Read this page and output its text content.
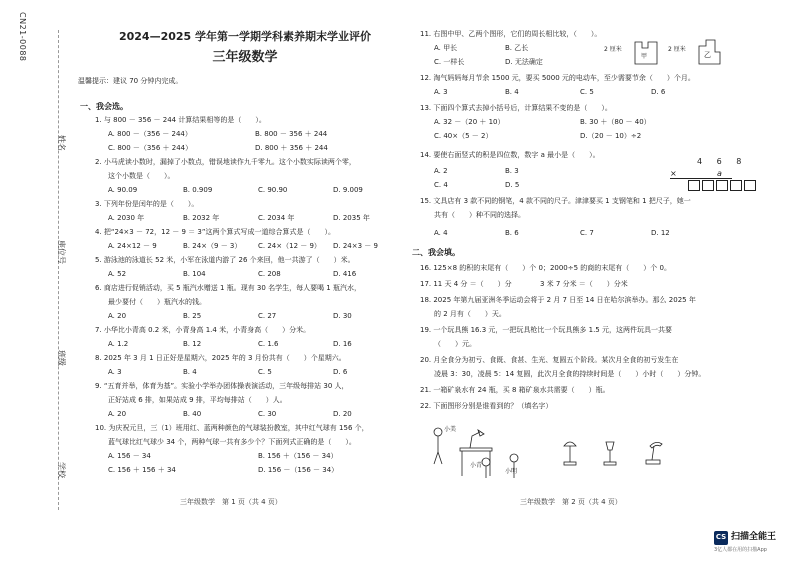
CN21-0088
姓名
座位号
班级
学校
2024—2025 学年第一学期学科素养期末学业评价
三年级数学
温馨提示：建议 70 分钟内完成。
一、我会选。
1. 与 800 － 356 － 244 计算结果相等的是（　　）。
A. 800 －（356 － 244）	B. 800 － 356 ＋ 244
C. 800 －（356 ＋ 244）	D. 800 ＋ 356 ＋ 244
2. 小马虎读小数时，漏掉了小数点，错误地读作九千零九。这个小数实际读两个零，
这个小数是（　　）。
A. 90.09	B. 0.909	C. 90.90	D. 9.009
3. 下列年份是闰年的是（　　）。
A. 2030 年	B. 2032 年	C. 2034 年	D. 2035 年
4. 把“24×3 － 72，12 － 9 ＝ 3”这两个算式写成一道综合算式是（　　）。
A. 24×12 － 9	B. 24×（9 － 3） C. 24×（12 － 9） D. 24×3 － 9
5. 游泳池的泳道长 52 米，小军在泳道内游了 26 个来回，他一共游了（　　）米。
A. 52	B. 104	C. 208	D. 416
6. 商店进行促销活动，买 5 瓶汽水赠送 1 瓶。现有 30 名学生，每人要喝 1 瓶汽水，
最少要付（　　）瓶汽水的钱。
A. 20	B. 25	C. 27	D. 30
7. 小华比小青高 0.2 米，小青身高 1.4 米，小青身高（　　）分米。
A. 1.2	B. 12	C. 1.6	D. 16
8. 2025 年 3 月 1 日正好是星期六，2025 年的 3 月份共有（　　）个星期六。
A. 3	B. 4	C. 5	D. 6
9. “五育并举，体育为基”。实验小学举办团体操表演活动，三年级每排站 30 人，
正好站成 6 排，如果站成 9 排，平均每排站（　　）人。
A. 20	B. 40	C. 30	D. 20
10. 为庆祝元旦，三（1）班用红、蓝两种颜色的气球装扮教室，其中红气球有 156 个，
蓝气球比红气球少 34 个，两种气球一共有多少个？下面列式正确的是（　　）。
A. 156 － 34	B. 156 ＋（156 － 34）
C. 156 ＋ 156 ＋ 34	D. 156 －（156 － 34）
三年级数学　第 1 页（共 4 页）
11. 右图中甲、乙两个图形，它们的周长相比较，（　　）。
A. 甲长	B. 乙长
C. 一样长	D. 无法确定
12. 淘气妈妈每月节余 1500 元，要买 5000 元的电动车，至少需要节余（　　）个月。
A. 3	B. 4	C. 5	D. 6
13. 下面四个算式去掉小括号后，计算结果不变的是（　　）。
A. 32 －（20 ＋ 10）	B. 30 ＋（80 － 40）
C. 40×（5 － 2）	D.（20 － 10）÷2
14. 要使右面竖式的积是四位数，数字 a 最小是（　　）。
A. 2	B. 3
C. 4	D. 5
15. 文具店有 3 款不同的钢笔，4 款不同的尺子。津津要买 1 支钢笔和 1 把尺子，她一
共有（　　）种不同的选择。
A. 4	B. 6	C. 7	D. 12
二、我会填。
16. 125×8 的积的末尾有（　　）个 0；2000÷5 的商的末尾有（　　）个 0。
17. 11 天 4 分 ＝（　　）分	3 米 7 分米 ＝（　　）分米
18. 2025 年第九届亚洲冬季运动会将于 2 月 7 日至 14 日在哈尔滨举办。那么 2025 年
的 2 月有（　　）天。
19. 一个玩具熊 16.3 元，一把玩具枪比一个玩具熊多 1.5 元，这两件玩具一共要
（　　）元。
20. 月全食分为初亏、食既、食甚、生光、复圆五个阶段。某次月全食的初亏发生在
凌晨 3：30，凌晨 5：14 复圆，此次月全食的持续时间是（　　）小时（　　）分钟。
21. 一箱矿泉水有 24 瓶，买 8 箱矿泉水共需要（　　）瓶。
22. 下面图形分别是谁看到的？（填名字）
2 厘米	2 厘米
甲	乙
4 6 8
×	a
小美
小青
小明
三年级数学　第 2 页（共 4 页）
CS 扫描全能王
3亿人都在用的扫描App
